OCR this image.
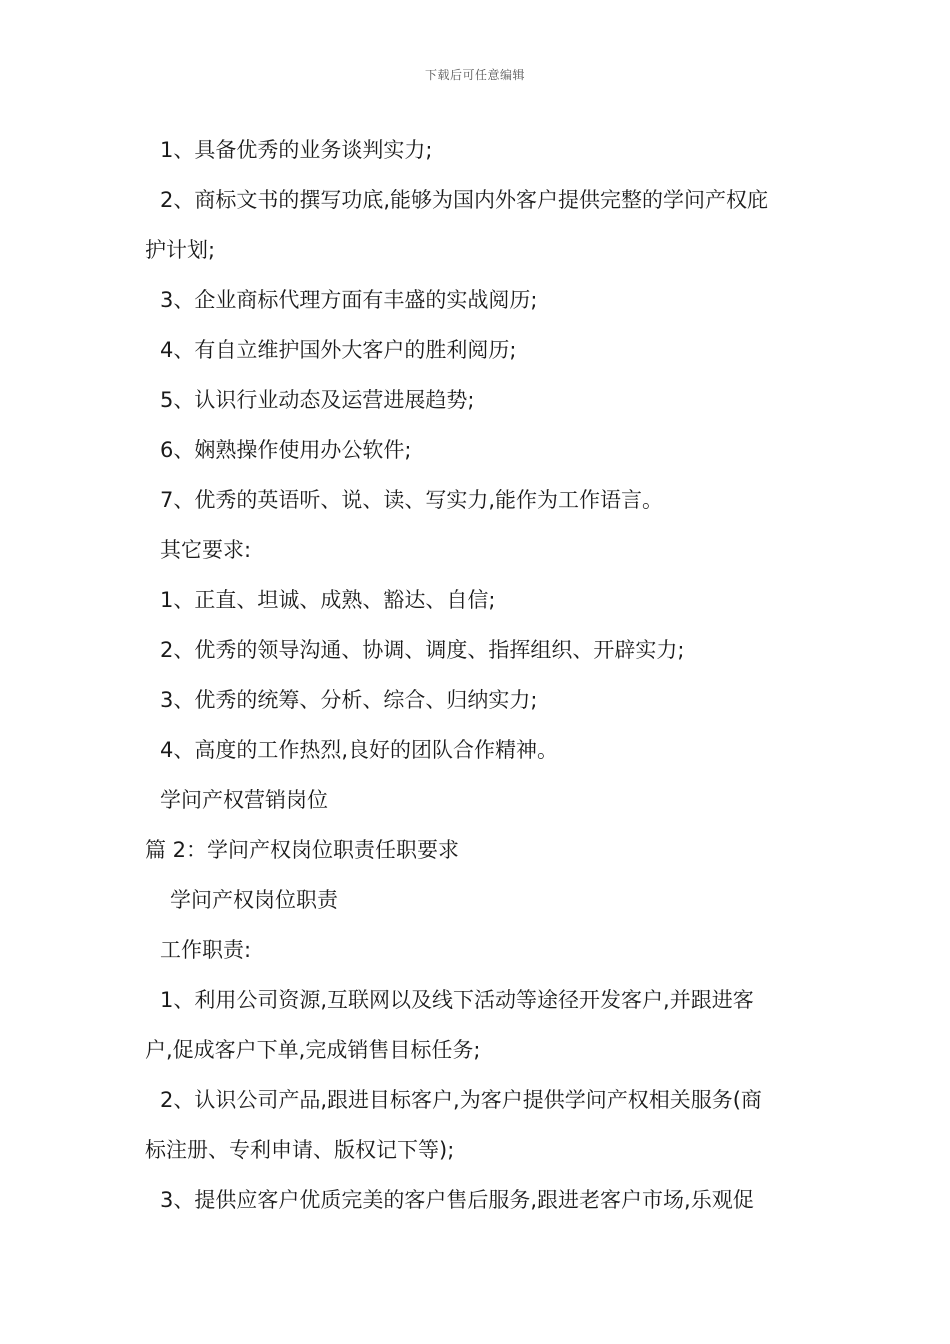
下载后可任意编辑
1、具备优秀的业务谈判实力;
2、商标文书的撰写功底,能够为国内外客户提供完整的学问产权庇
护计划;
3、企业商标代理方面有丰盛的实战阅历;
4、有自立维护国外大客户的胜利阅历;
5、认识行业动态及运营进展趋势;
6、娴熟操作使用办公软件;
7、优秀的英语听、说、读、写实力,能作为工作语言。
其它要求:
1、正直、坦诚、成熟、豁达、自信;
2、优秀的领导沟通、协调、调度、指挥组织、开辟实力;
3、优秀的统筹、分析、综合、归纳实力;
4、高度的工作热烈,良好的团队合作精神。
学问产权营销岗位
篇 2：学问产权岗位职责任职要求
学问产权岗位职责
工作职责:
1、利用公司资源,互联网以及线下活动等途径开发客户,并跟进客
户,促成客户下单,完成销售目标任务;
2、认识公司产品,跟进目标客户,为客户提供学问产权相关服务(商
标注册、专利申请、版权记下等);
3、提供应客户优质完美的客户售后服务,跟进老客户市场,乐观促
